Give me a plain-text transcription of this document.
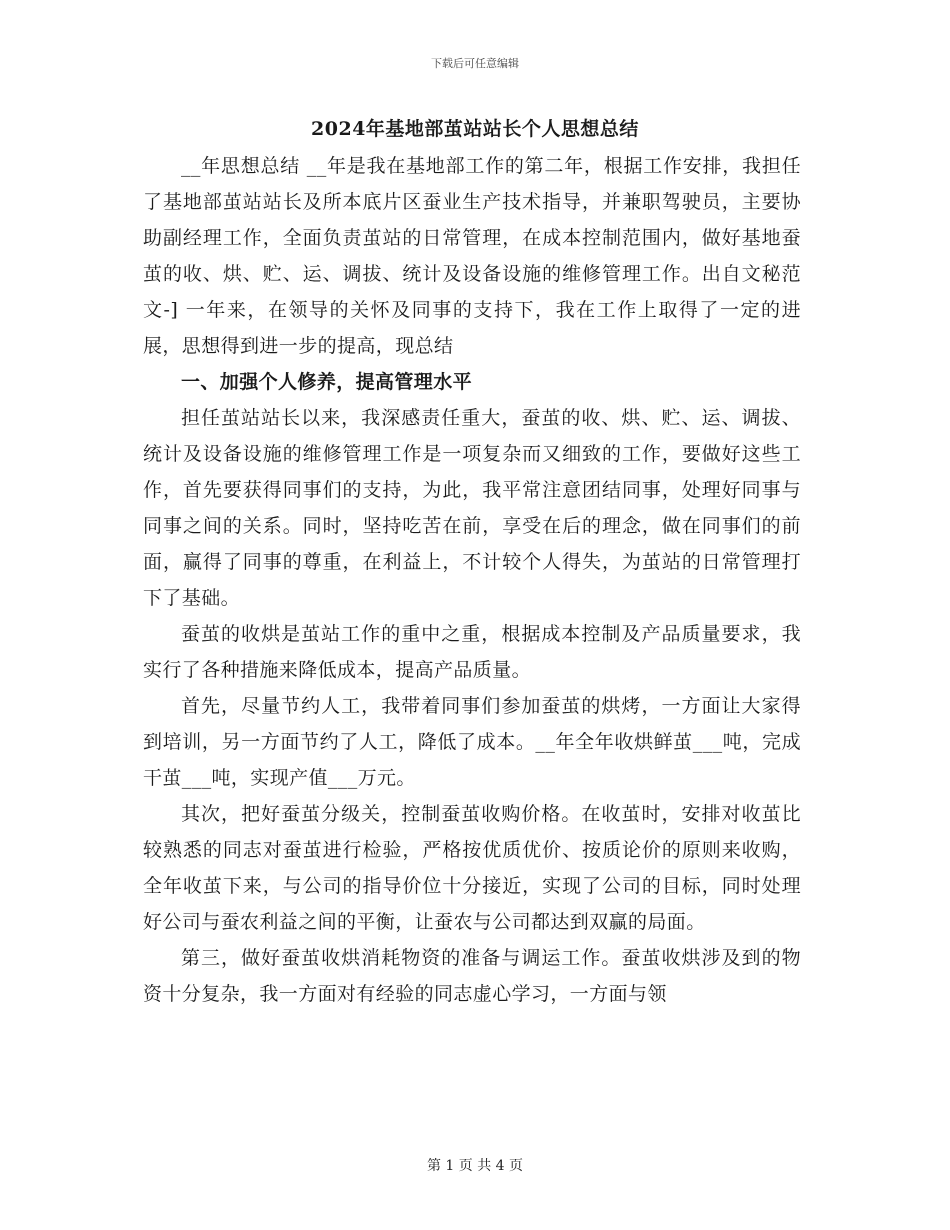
下载后可任意编辑
2024年基地部茧站站长个人思想总结

__年思想总结 __年是我在基地部工作的第二年，根据工作安排，我担任了基地部茧站站长及所本底片区蚕业生产技术指导，并兼职驾驶员，主要协助副经理工作，全面负责茧站的日常管理，在成本控制范围内，做好基地蚕茧的收、烘、贮、运、调拔、统计及设备设施的维修管理工作。出自文秘范文-] 一年来，在领导的关怀及同事的支持下，我在工作上取得了一定的进展，思想得到进一步的提高，现总结

一、加强个人修养，提高管理水平

担任茧站站长以来，我深感责任重大，蚕茧的收、烘、贮、运、调拔、统计及设备设施的维修管理工作是一项复杂而又细致的工作，要做好这些工作，首先要获得同事们的支持，为此，我平常注意团结同事，处理好同事与同事之间的关系。同时，坚持吃苦在前，享受在后的理念，做在同事们的前面，赢得了同事的尊重，在利益上，不计较个人得失，为茧站的日常管理打下了基础。

蚕茧的收烘是茧站工作的重中之重，根据成本控制及产品质量要求，我实行了各种措施来降低成本，提高产品质量。

首先，尽量节约人工，我带着同事们参加蚕茧的烘烤，一方面让大家得到培训，另一方面节约了人工，降低了成本。__年全年收烘鲜茧___吨，完成干茧___吨，实现产值___万元。

其次，把好蚕茧分级关，控制蚕茧收购价格。在收茧时，安排对收茧比较熟悉的同志对蚕茧进行检验，严格按优质优价、按质论价的原则来收购，全年收茧下来，与公司的指导价位十分接近，实现了公司的目标，同时处理好公司与蚕农利益之间的平衡，让蚕农与公司都达到双赢的局面。

第三，做好蚕茧收烘消耗物资的准备与调运工作。蚕茧收烘涉及到的物资十分复杂，我一方面对有经验的同志虚心学习，一方面与领

第 1 页 共 4 页
